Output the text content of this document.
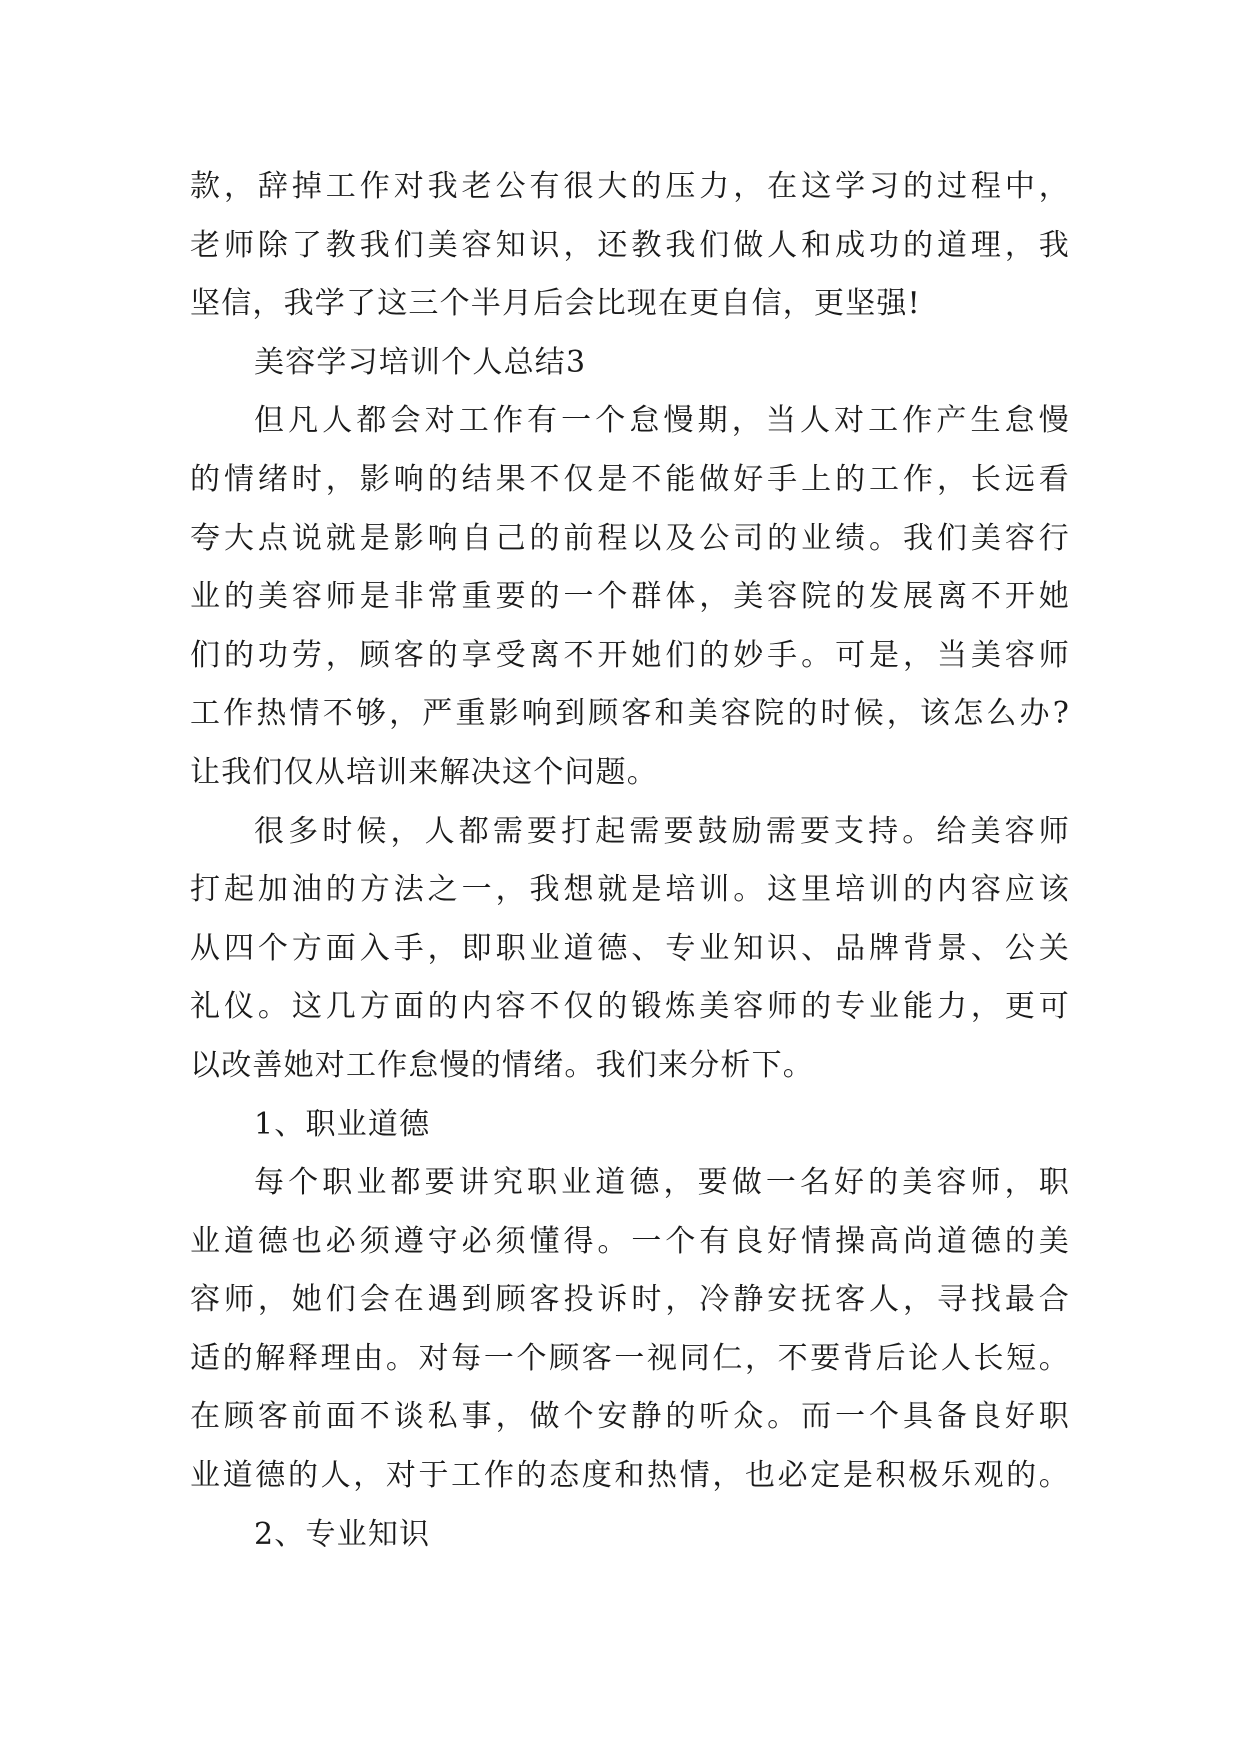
款，辞掉工作对我老公有很大的压力，在这学习的过程中，
老师除了教我们美容知识，还教我们做人和成功的道理，我
坚信，我学了这三个半月后会比现在更自信，更坚强!
美容学习培训个人总结3
但凡人都会对工作有一个怠慢期，当人对工作产生怠慢
的情绪时，影响的结果不仅是不能做好手上的工作，长远看
夸大点说就是影响自己的前程以及公司的业绩。我们美容行
业的美容师是非常重要的一个群体，美容院的发展离不开她
们的功劳，顾客的享受离不开她们的妙手。可是，当美容师
工作热情不够，严重影响到顾客和美容院的时候，该怎么办?
让我们仅从培训来解决这个问题。
很多时候，人都需要打起需要鼓励需要支持。给美容师
打起加油的方法之一，我想就是培训。这里培训的内容应该
从四个方面入手，即职业道德、专业知识、品牌背景、公关
礼仪。这几方面的内容不仅的锻炼美容师的专业能力，更可
以改善她对工作怠慢的情绪。我们来分析下。
1、职业道德
每个职业都要讲究职业道德，要做一名好的美容师，职
业道德也必须遵守必须懂得。一个有良好情操高尚道德的美
容师，她们会在遇到顾客投诉时，冷静安抚客人，寻找最合
适的解释理由。对每一个顾客一视同仁，不要背后论人长短。
在顾客前面不谈私事，做个安静的听众。而一个具备良好职
业道德的人，对于工作的态度和热情，也必定是积极乐观的。
2、专业知识
